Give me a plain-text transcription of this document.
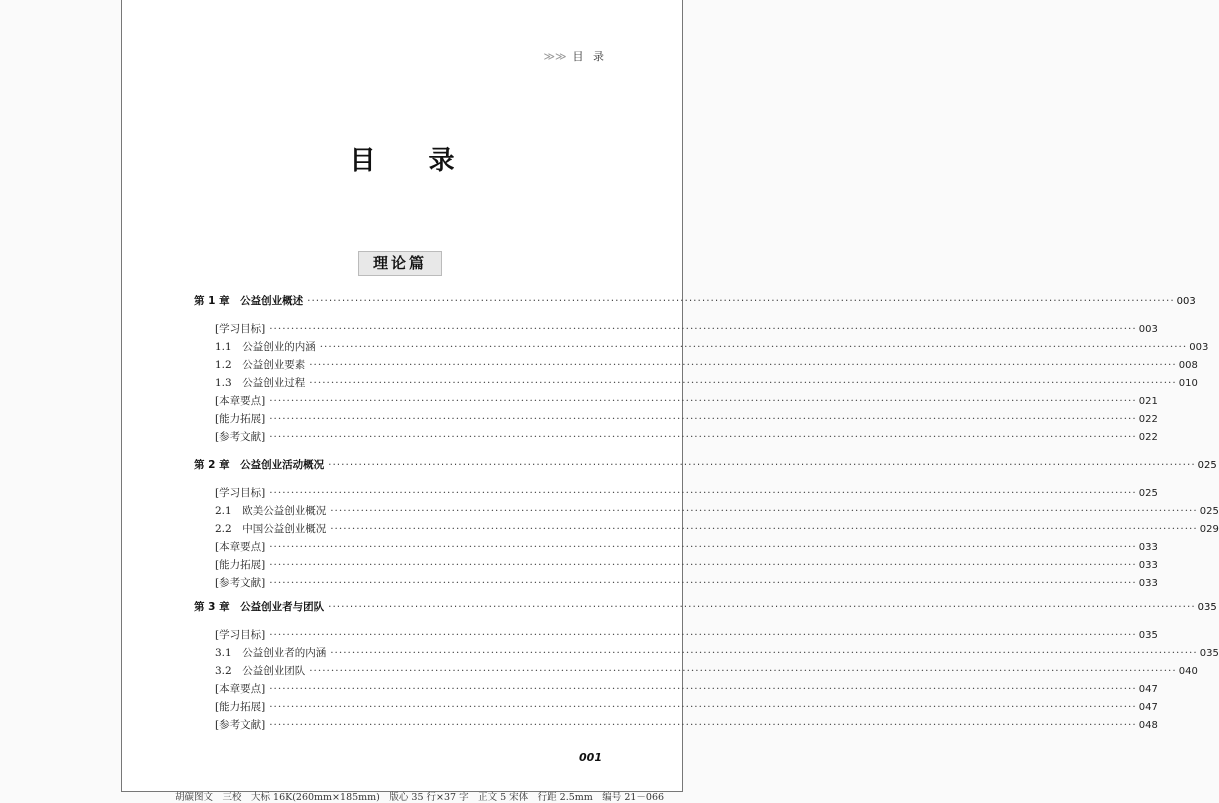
≫≫ 目 录
目 录
理论篇
第 1 章　公益创业概述 ········································································································································································································ 003
[学习目标] ········································································································································································································ 003
1.1　公益创业的内涵 ········································································································································································································ 003
1.2　公益创业要素 ········································································································································································································ 008
1.3　公益创业过程 ········································································································································································································ 010
[本章要点] ········································································································································································································ 021
[能力拓展] ········································································································································································································ 022
[参考文献] ········································································································································································································ 022
第 2 章　公益创业活动概况 ········································································································································································································ 025
[学习目标] ········································································································································································································ 025
2.1　欧美公益创业概况 ········································································································································································································ 025
2.2　中国公益创业概况 ········································································································································································································ 029
[本章要点] ········································································································································································································ 033
[能力拓展] ········································································································································································································ 033
[参考文献] ········································································································································································································ 033
第 3 章　公益创业者与团队 ········································································································································································································ 035
[学习目标] ········································································································································································································ 035
3.1　公益创业者的内涵 ········································································································································································································ 035
3.2　公益创业团队 ········································································································································································································ 040
[本章要点] ········································································································································································································ 047
[能力拓展] ········································································································································································································ 047
[参考文献] ········································································································································································································ 048
001
胡碳图文　三校　大标 16K(260mm×185mm)　版心 35 行×37 字　正文 5 宋体　行距 2.5mm　编号 21－066
